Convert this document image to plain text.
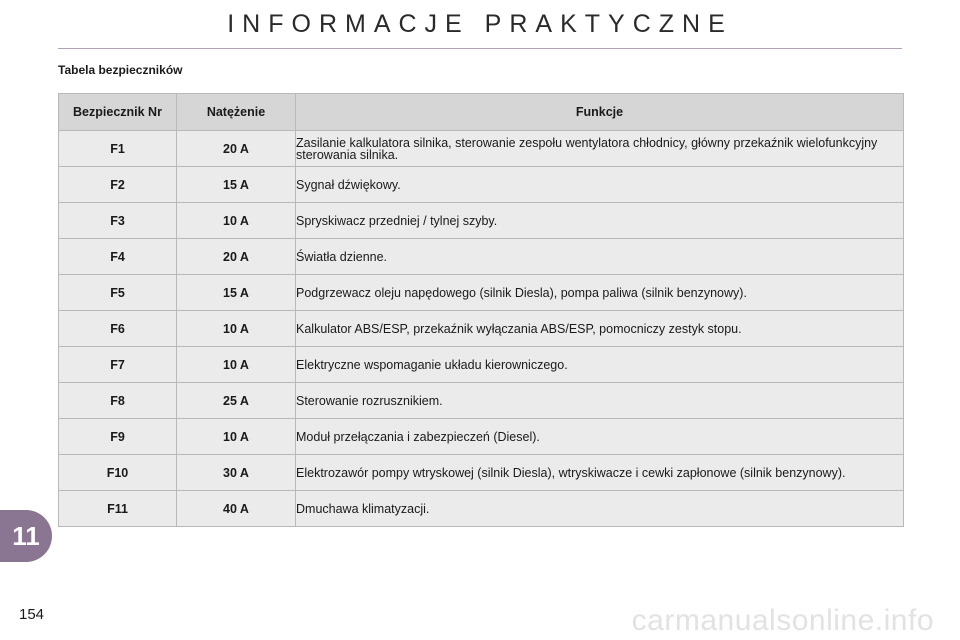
INFORMACJE PRAKTYCZNE
Tabela bezpieczników
Bezpiecznik Nr	Natężenie	Funkcje
F1	20 A	Zasilanie kalkulatora silnika, sterowanie zespołu wentylatora chłodnicy, główny przekaźnik wielofunkcyjny sterowania silnika.
F2	15 A	Sygnał dźwiękowy.
F3	10 A	Spryskiwacz przedniej / tylnej szyby.
F4	20 A	Światła dzienne.
F5	15 A	Podgrzewacz oleju napędowego (silnik Diesla), pompa paliwa (silnik benzynowy).
F6	10 A	Kalkulator ABS/ESP, przekaźnik wyłączania ABS/ESP, pomocniczy zestyk stopu.
F7	10 A	Elektryczne wspomaganie układu kierowniczego.
F8	25 A	Sterowanie rozrusznikiem.
F9	10 A	Moduł przełączania i zabezpieczeń (Diesel).
F10	30 A	Elektrozawór pompy wtryskowej (silnik Diesla), wtryskiwacze i cewki zapłonowe (silnik benzynowy).
F11	40 A	Dmuchawa klimatyzacji.
11
154	carmanualsonline.info
